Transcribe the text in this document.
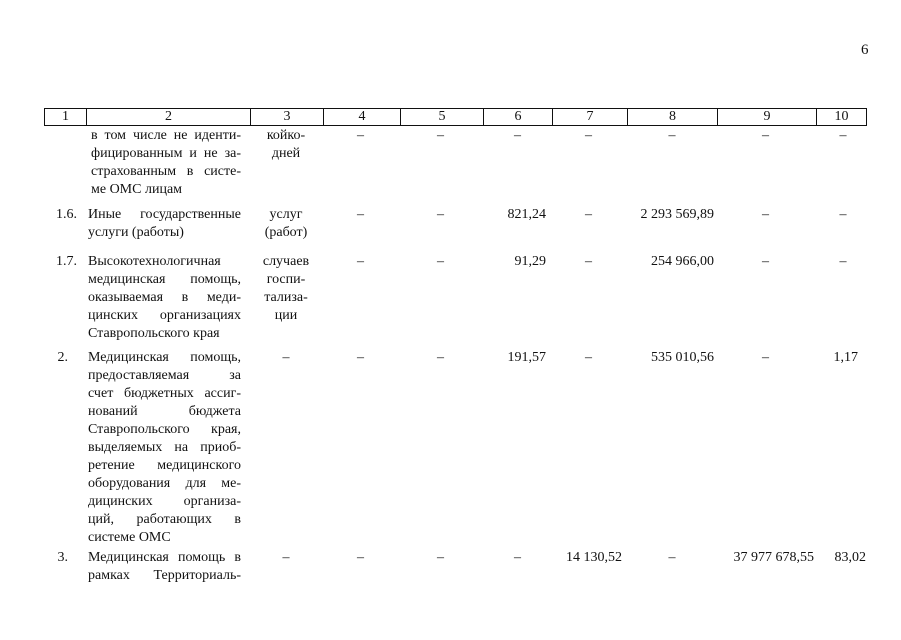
6
1	2	3	4	5	6	7	8	9	10
в том числе не иденти-
фицированным и не за-
страхованным в систе-
ме ОМС лицам
койко-
дней
–	–	–	–	–	–	–
1.6. Иные государственные
услуги (работы)
услуг
(работ)
–	–	821,24	–	2 293 569,89	–	–
1.7. Высокотехнологичная
медицинская помощь,
оказываемая в меди-
цинских организациях
Ставропольского края
случаев
госпи-
тализа-
ции
–	–	91,29	–	254 966,00	–	–
2. Медицинская помощь,
предоставляемая за
счет бюджетных ассиг-
нований бюджета
Ставропольского края,
выделяемых на приоб-
ретение медицинского
оборудования для ме-
дицинских организа-
ций, работающих в
системе ОМС
–	–	–	191,57	–	535 010,56	–	1,17
3. Медицинская помощь в
рамках Территориаль-
–	–	–	–	14 130,52	–	37 977 678,55	83,02
